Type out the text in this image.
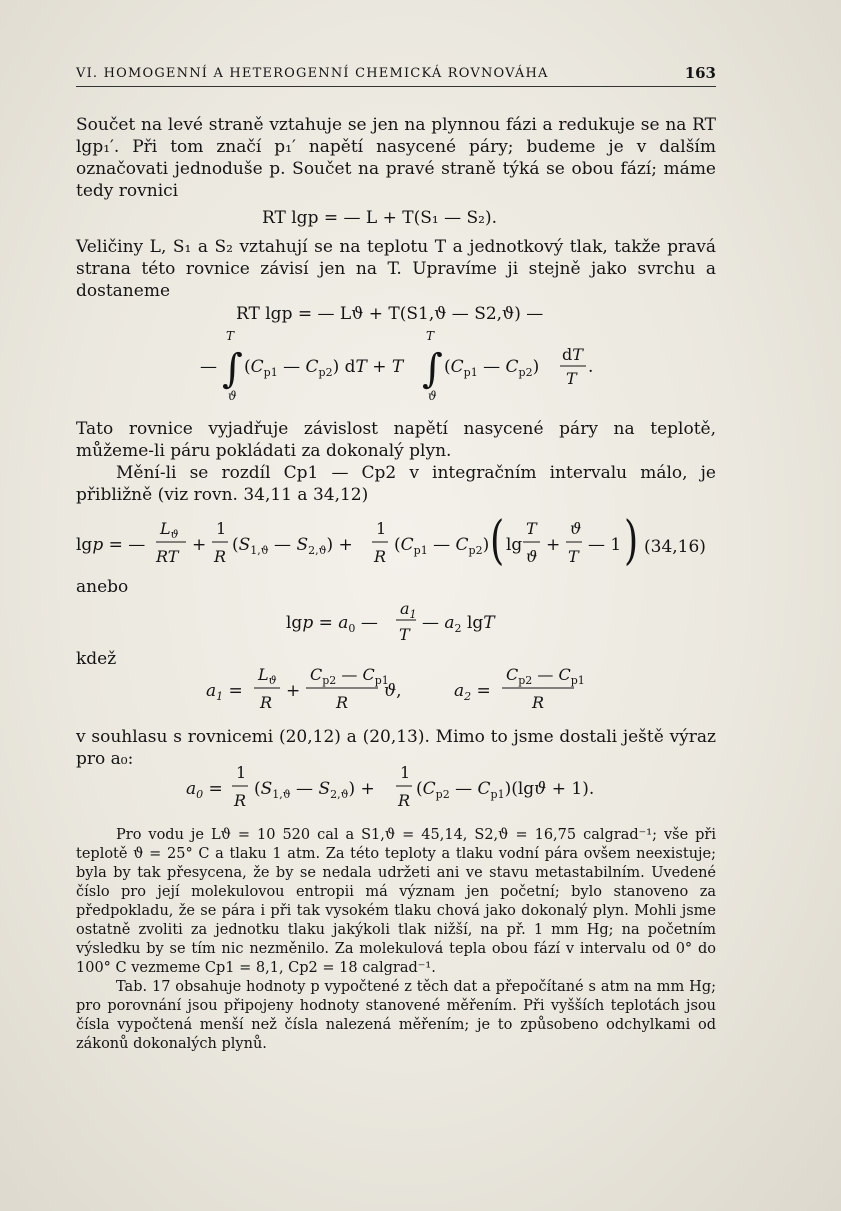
VI. HOMOGENNÍ A HETEROGENNÍ CHEMICKÁ ROVNOVÁHA	163

Součet na levé straně vztahuje se jen na plynnou fázi a redukuje se na RT lgp₁′. Při tom značí p₁′ napětí nasycené páry; budeme je v dalším označovati jednoduše p. Součet na pravé straně týká se obou fází; máme tedy rovnici

RT lgp = — L + T(S₁ — S₂).

Veličiny L, S₁ a S₂ vztahují se na teplotu T a jednotkový tlak, takže pravá strana této rovnice závisí jen na T. Upravíme ji stejně jako svrchu a dostaneme

RT lgp = — Lϑ + T(S1,ϑ — S2,ϑ) —
—
T
∫
ϑ
($C_{p1}$ — $C_{p2}$) dT + T
T
∫
ϑ
($C_{p1}$ — $C_{p2}$)
dT
T
.

Tato rovnice vyjadřuje závislost napětí nasycené páry na teplotě, můžeme-li páru pokládati za dokonalý plyn.

Mění-li se rozdíl Cp1 — Cp2 v integračním intervalu málo, je přibližně (viz rovn. 34,11 a 34,12)

lgp = —
$L_ϑ$
RT
+
1
R
($S_{1,ϑ}$ — $S_{2,ϑ}$) +
1
R
($C_{p1}$ — $C_{p2}$) ( lg
T
ϑ
+
ϑ
T
— 1 ) (34,16)

anebo

$\lg p = a_0$ —
$a_1$
T
— $a_2$ lgT

kdež

$a_1$ =
$L_ϑ$
R
+
$C_{p2}$ — $C_{p1}$
R
ϑ,	$a_2$ =
$C_{p2}$ — $C_{p1}$
R

v souhlasu s rovnicemi (20,12) a (20,13). Mimo to jsme dostali ještě výraz pro a₀:

$a_0$ =
1
R
($S_{1,ϑ}$ — $S_{2,ϑ}$) +
1
R
($C_{p2}$ — $C_{p1})(\lg ϑ + 1)$.

Pro vodu je Lϑ = 10 520 cal a S1,ϑ = 45,14, S2,ϑ = 16,75 calgrad⁻¹; vše při teplotě ϑ = 25° C a tlaku 1 atm. Za této teploty a tlaku vodní pára ovšem neexistuje; byla by tak přesycena, že by se nedala udržeti ani ve stavu metastabilním. Uvedené číslo pro její molekulovou entropii má význam jen početní; bylo stanoveno za předpokladu, že se pára i při tak vysokém tlaku chová jako dokonalý plyn. Mohli jsme ostatně zvoliti za jednotku tlaku jakýkoli tlak nižší, na př. 1 mm Hg; na početním výsledku by se tím nic nezměnilo. Za molekulová tepla obou fází v intervalu od 0° do 100° C vezmeme Cp1 = 8,1, Cp2 = 18 calgrad⁻¹.

Tab. 17 obsahuje hodnoty p vypočtené z těch dat a přepočítané s atm na mm Hg; pro porovnání jsou připojeny hodnoty stanovené měřením. Při vyšších teplotách jsou čísla vypočtená menší než čísla nalezená měřením; je to způsobeno odchylkami od zákonů dokonalých plynů.
